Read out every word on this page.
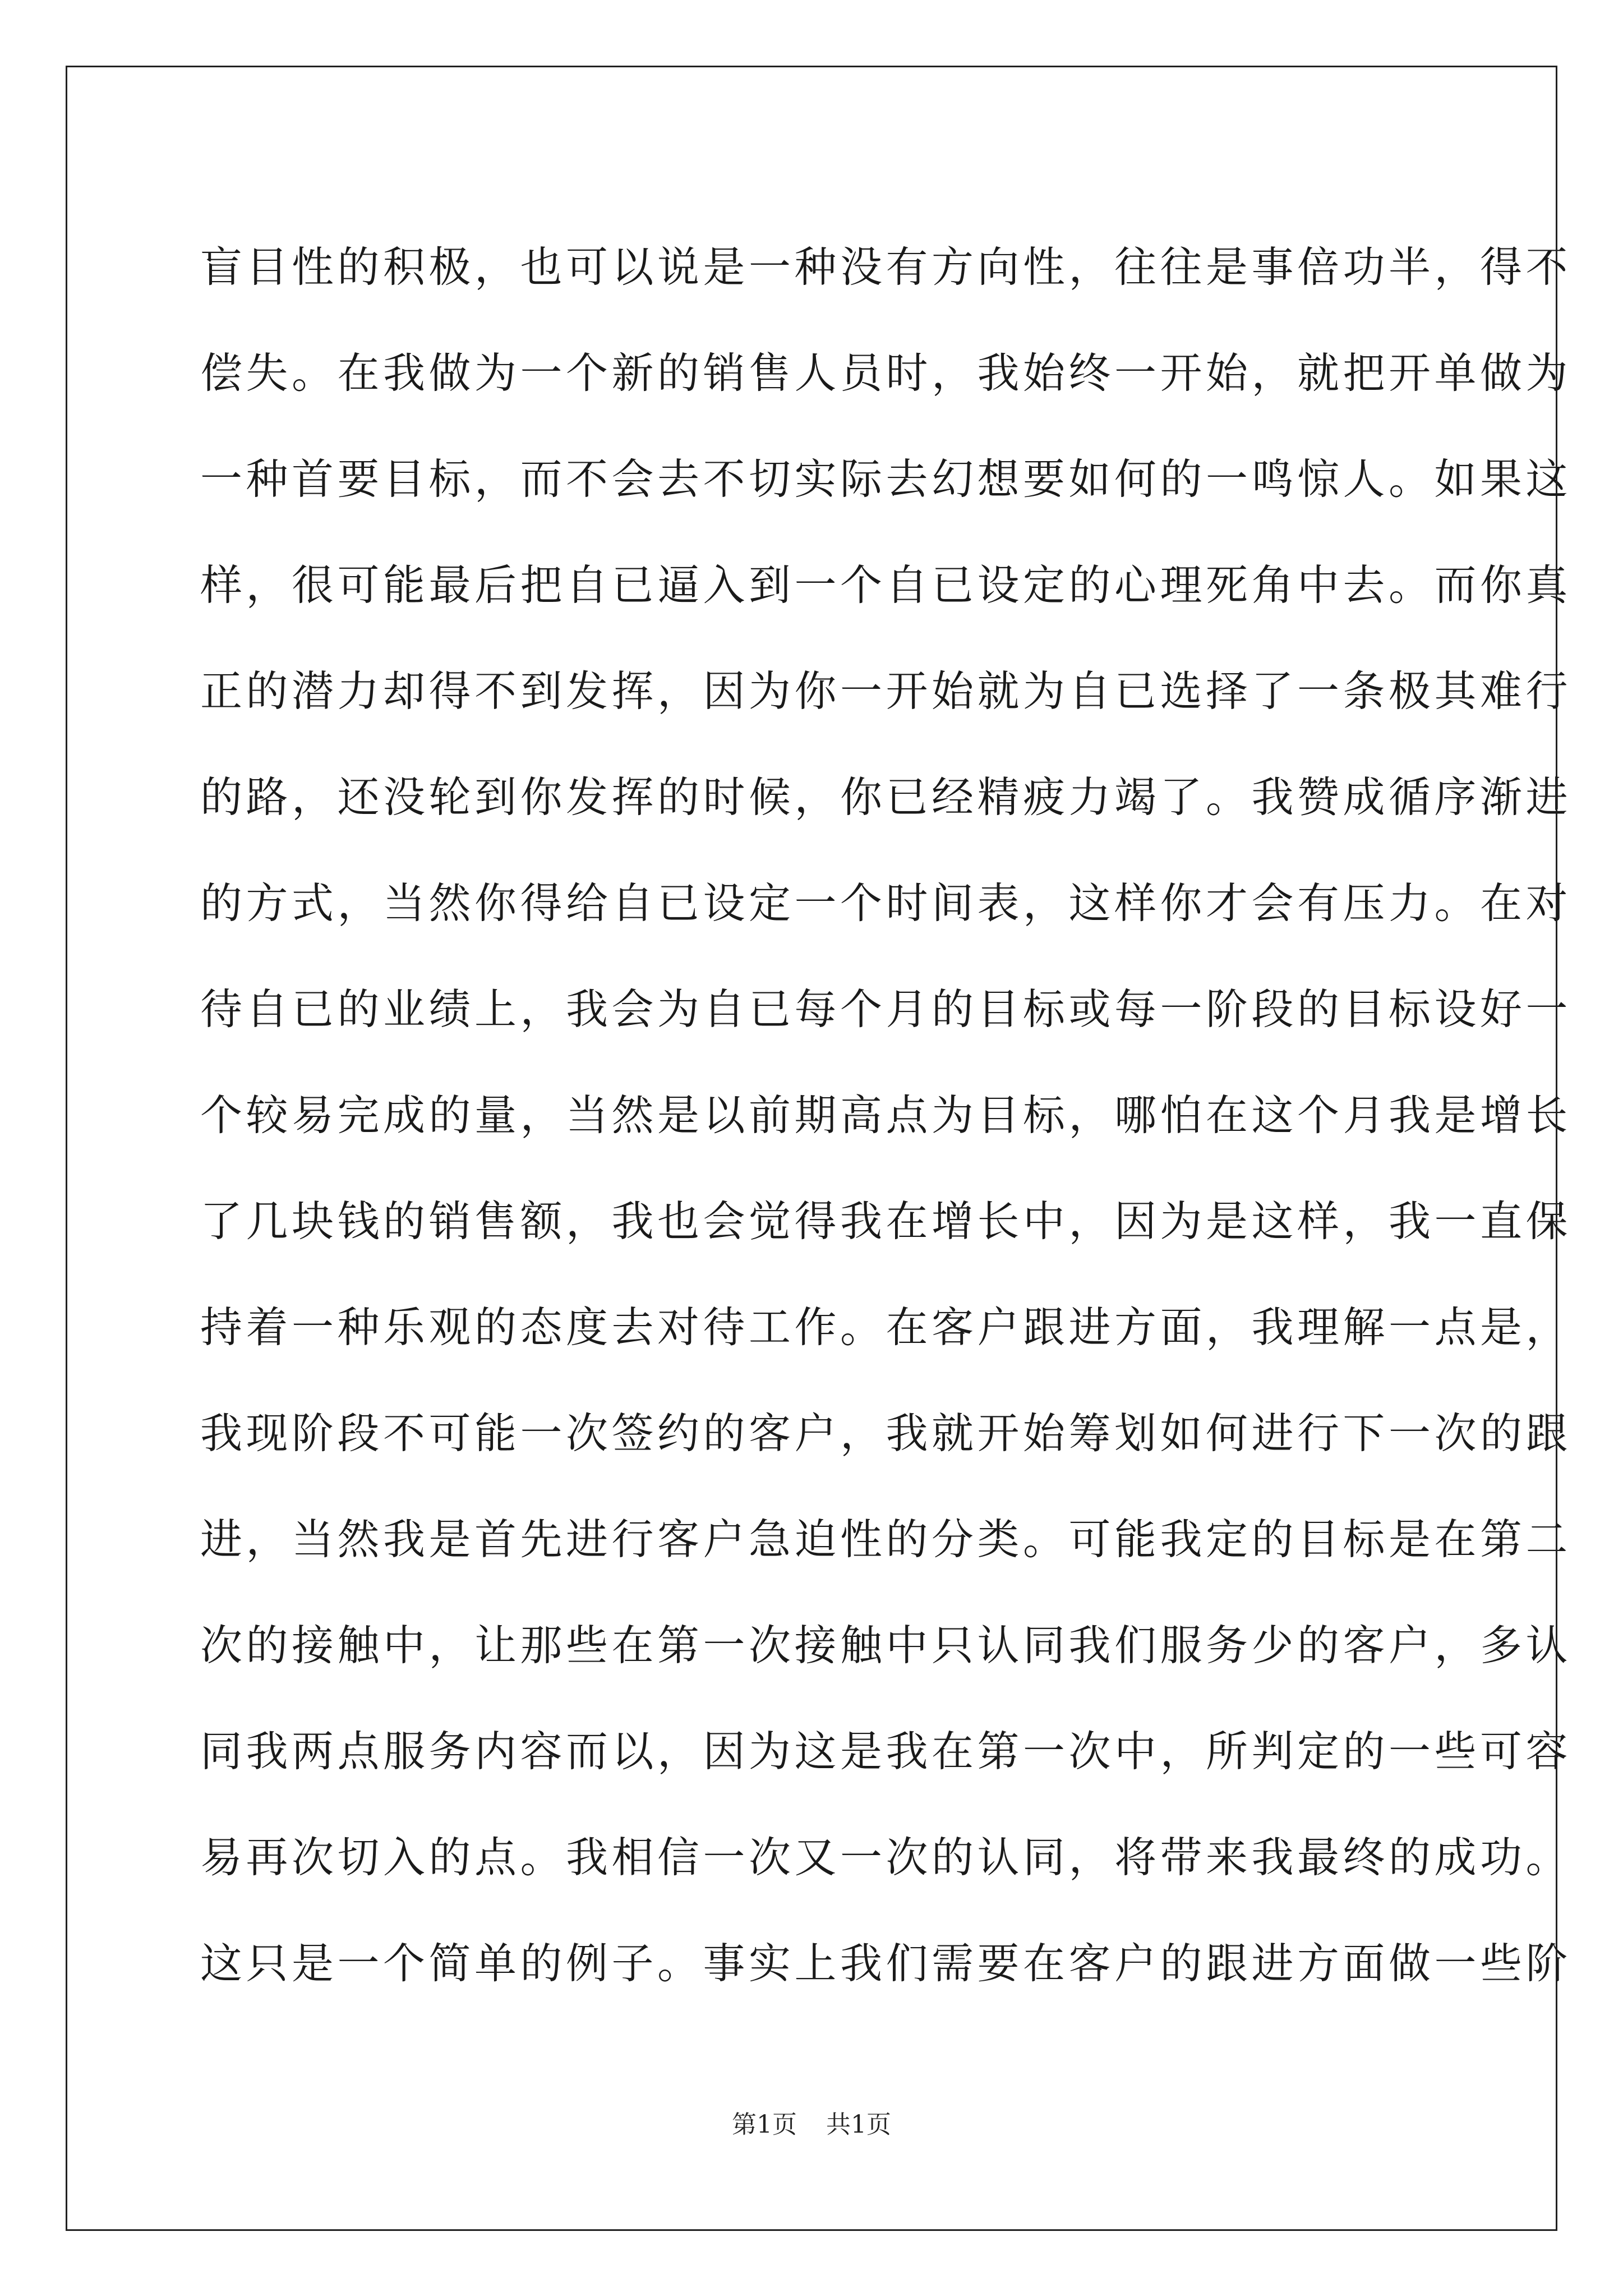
盲目性的积极，也可以说是一种没有方向性，往往是事倍功半，得不
偿失。在我做为一个新的销售人员时，我始终一开始，就把开单做为
一种首要目标，而不会去不切实际去幻想要如何的一鸣惊人。如果这
样，很可能最后把自已逼入到一个自已设定的心理死角中去。而你真
正的潜力却得不到发挥，因为你一开始就为自已选择了一条极其难行
的路，还没轮到你发挥的时候，你已经精疲力竭了。我赞成循序渐进
的方式，当然你得给自已设定一个时间表，这样你才会有压力。在对
待自已的业绩上，我会为自已每个月的目标或每一阶段的目标设好一
个较易完成的量，当然是以前期高点为目标，哪怕在这个月我是增长
了几块钱的销售额，我也会觉得我在增长中，因为是这样，我一直保
持着一种乐观的态度去对待工作。在客户跟进方面，我理解一点是，
我现阶段不可能一次签约的客户，我就开始筹划如何进行下一次的跟
进，当然我是首先进行客户急迫性的分类。可能我定的目标是在第二
次的接触中，让那些在第一次接触中只认同我们服务少的客户，多认
同我两点服务内容而以，因为这是我在第一次中，所判定的一些可容
易再次切入的点。我相信一次又一次的认同，将带来我最终的成功。
这只是一个简单的例子。事实上我们需要在客户的跟进方面做一些阶
第1页 共1页
